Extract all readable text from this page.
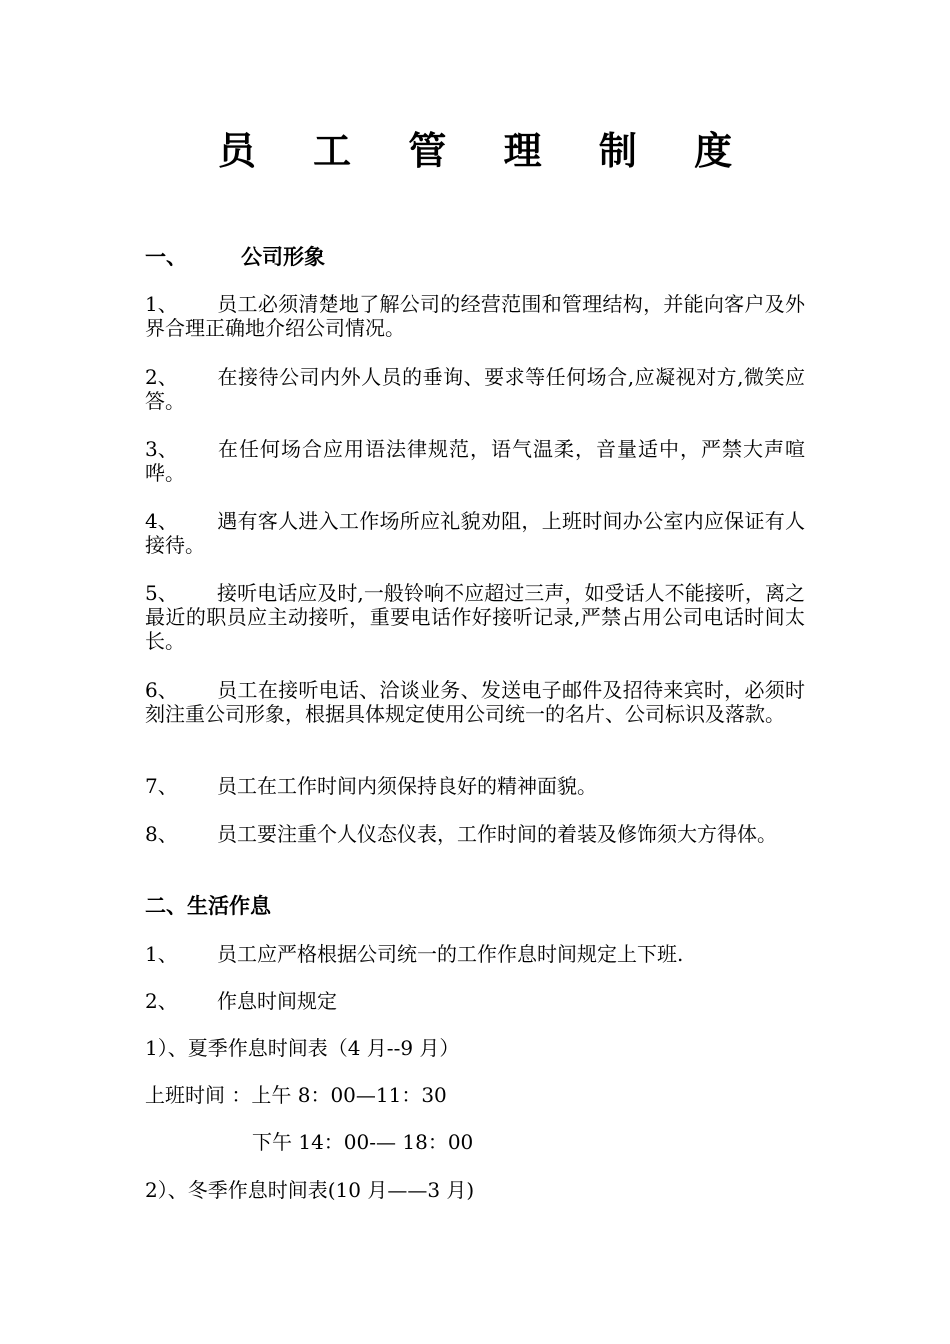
员 工 管 理 制 度
一、	公司形象
1、 员工必须清楚地了解公司的经营范围和管理结构，并能向客户及外界合理正确地介绍公司情况。
2、 在接待公司内外人员的垂询、要求等任何场合,应凝视对方,微笑应答。
3、 在任何场合应用语法律规范，语气温柔，音量适中，严禁大声喧哗。
4、 遇有客人进入工作场所应礼貌劝阻，上班时间办公室内应保证有人接待。
5、 接听电话应及时,一般铃响不应超过三声，如受话人不能接听，离之最近的职员应主动接听，重要电话作好接听记录,严禁占用公司电话时间太长。
6、 员工在接听电话、洽谈业务、发送电子邮件及招待来宾时，必须时刻注重公司形象，根据具体规定使用公司统一的名片、公司标识及落款。
7、 员工在工作时间内须保持良好的精神面貌。
8、 员工要注重个人仪态仪表，工作时间的着装及修饰须大方得体。
二、生活作息
1、 员工应严格根据公司统一的工作作息时间规定上下班.
2、 作息时间规定
1）、夏季作息时间表（4 月--9 月）
上班时间 ：上午 8：00—11：30
下午 14：00-— 18：00
2）、冬季作息时间表(10 月——3 月)
